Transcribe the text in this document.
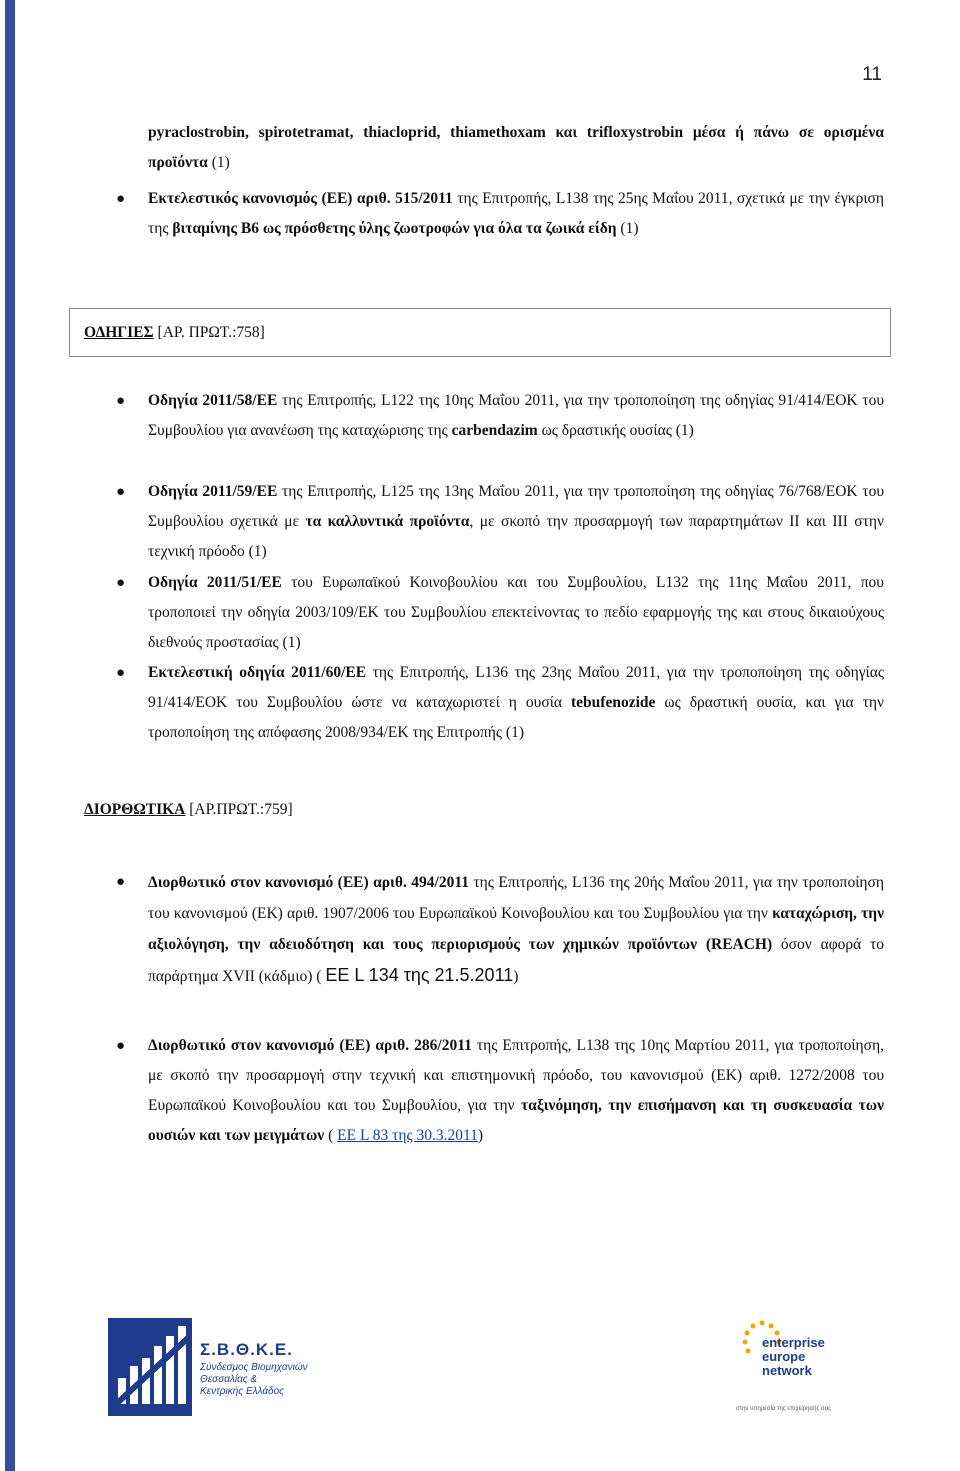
11
pyraclostrobin, spirotetramat, thiacloprid, thiamethoxam και trifloxystrobin μέσα ή πάνω σε ορισμένα προϊόντα (1)
● Εκτελεστικός κανονισμός (ΕΕ) αριθ. 515/2011 της Επιτροπής, L138 της 25ης Μαΐου 2011, σχετικά με την έγκριση της βιταμίνης B6 ως πρόσθετης ύλης ζωοτροφών για όλα τα ζωικά είδη (1)
ΟΔΗΓΙΕΣ [ΑΡ. ΠΡΩΤ.:758]
● Οδηγία 2011/58/ΕΕ της Επιτροπής, L122 της 10ης Μαΐου 2011, για την τροποποίηση της οδηγίας 91/414/ΕΟΚ του Συμβουλίου για ανανέωση της καταχώρισης της carbendazim ως δραστικής ουσίας (1)
● Οδηγία 2011/59/ΕΕ της Επιτροπής, L125 της 13ης Μαΐου 2011, για την τροποποίηση της οδηγίας 76/768/ΕΟΚ του Συμβουλίου σχετικά με τα καλλυντικά προϊόντα, με σκοπό την προσαρμογή των παραρτημάτων II και III στην τεχνική πρόοδο (1)
● Οδηγία 2011/51/ΕΕ του Ευρωπαϊκού Κοινοβουλίου και του Συμβουλίου, L132 της 11ης Μαΐου 2011, που τροποποιεί την οδηγία 2003/109/ΕΚ του Συμβουλίου επεκτείνοντας το πεδίο εφαρμογής της και στους δικαιούχους διεθνούς προστασίας (1)
● Εκτελεστική οδηγία 2011/60/ΕΕ της Επιτροπής, L136 της 23ης Μαΐου 2011, για την τροποποίηση της οδηγίας 91/414/ΕΟΚ του Συμβουλίου ώστε να καταχωριστεί η ουσία tebufenozide ως δραστική ουσία, και για την τροποποίηση της απόφασης 2008/934/ΕΚ της Επιτροπής (1)
ΔΙΟΡΘΩΤΙΚΑ [ΑΡ.ΠΡΩΤ.:759]
● Διορθωτικό στον κανονισμό (ΕΕ) αριθ. 494/2011 της Επιτροπής, L136 της 20ής Μαΐου 2011, για την τροποποίηση του κανονισμού (ΕΚ) αριθ. 1907/2006 του Ευρωπαϊκού Κοινοβουλίου και του Συμβουλίου για την καταχώριση, την αξιολόγηση, την αδειοδότηση και τους περιορισμούς των χημικών προϊόντων (REACH) όσον αφορά το παράρτημα XVII (κάδμιο) ( ΕΕ L 134 της 21.5.2011)
● Διορθωτικό στον κανονισμό (ΕΕ) αριθ. 286/2011 της Επιτροπής, L138 της 10ης Μαρτίου 2011, για τροποποίηση, με σκοπό την προσαρμογή στην τεχνική και επιστημονική πρόοδο, του κανονισμού (ΕΚ) αριθ. 1272/2008 του Ευρωπαϊκού Κοινοβουλίου και του Συμβουλίου, για την ταξινόμηση, την επισήμανση και τη συσκευασία των ουσιών και των μειγμάτων ( ΕΕ L 83 της 30.3.2011)
Σ.Β.Θ.Κ.Ε.
Σύνδεσμος Βιομηχανιών
Θεσσαλίας &
Κεντρικής Ελλάδος
enterprise
europe
network
στην υπηρεσία της επιχείρησής σας
